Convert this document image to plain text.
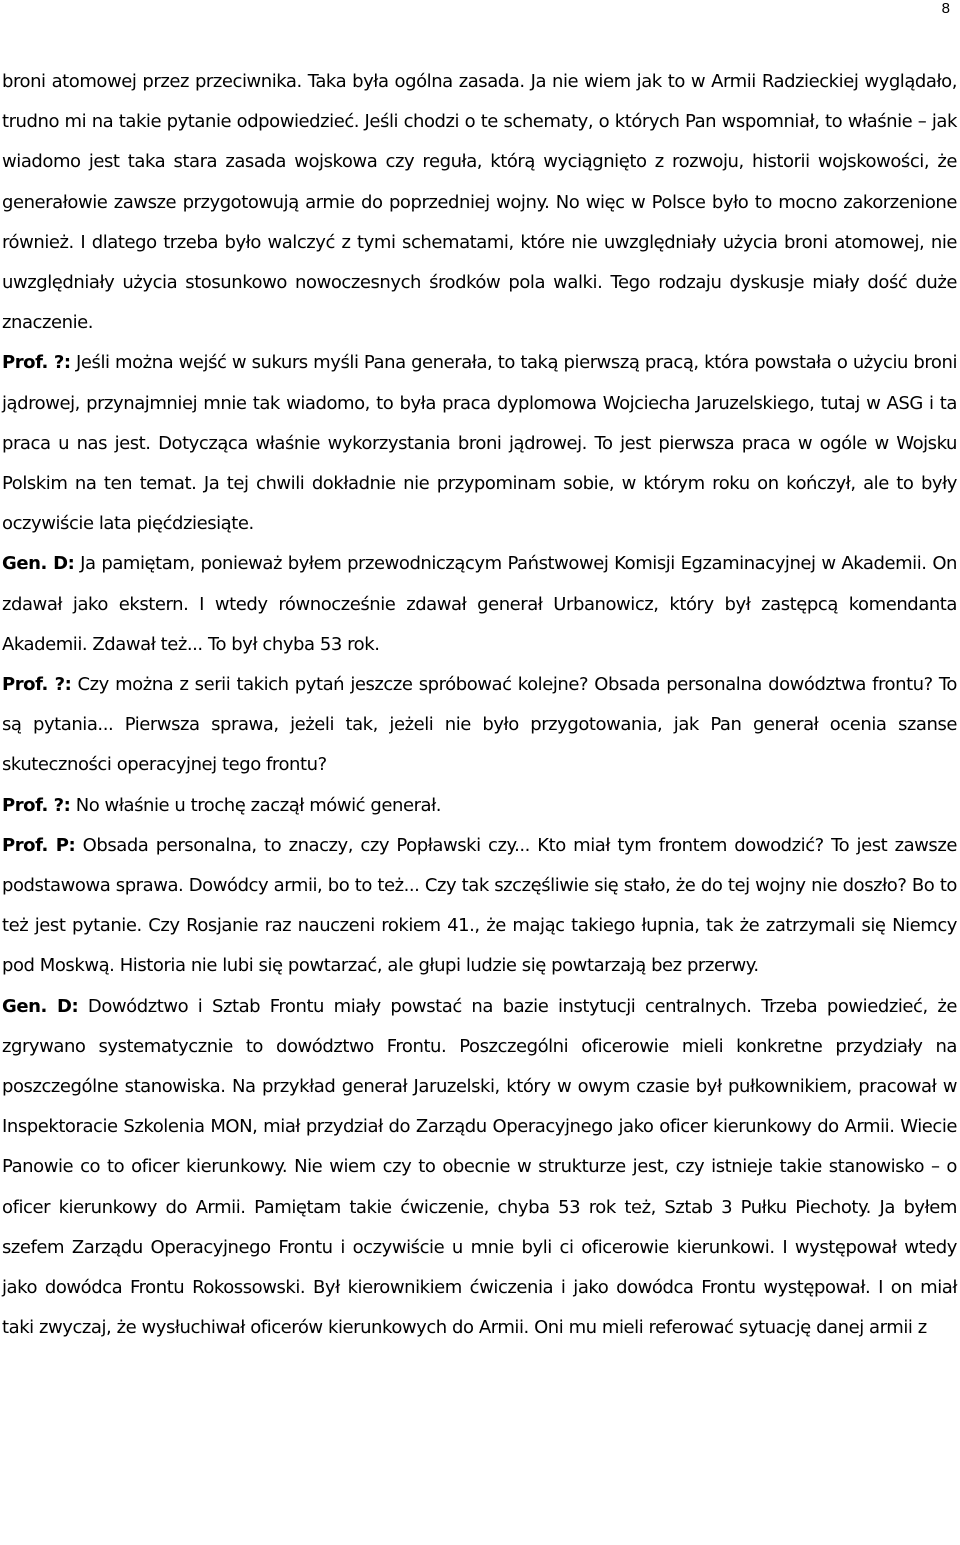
8

broni atomowej przez przeciwnika. Taka była ogólna zasada. Ja nie wiem jak to w Armii Radzieckiej wyglądało, trudno mi na takie pytanie odpowiedzieć. Jeśli chodzi o te schematy, o których Pan wspomniał, to właśnie – jak wiadomo jest taka stara zasada wojskowa czy reguła, którą wyciągnięto z rozwoju, historii wojskowości, że generałowie zawsze przygotowują armie do poprzedniej wojny. No więc w Polsce było to mocno zakorzenione również. I dlatego trzeba było walczyć z tymi schematami, które nie uwzględniały użycia broni atomowej, nie uwzględniały użycia stosunkowo nowoczesnych środków pola walki. Tego rodzaju dyskusje miały dość duże znaczenie.

Prof. ?: Jeśli można wejść w sukurs myśli Pana generała, to taką pierwszą pracą, która powstała o użyciu broni jądrowej, przynajmniej mnie tak wiadomo, to była praca dyplomowa Wojciecha Jaruzelskiego, tutaj w ASG i ta praca u nas jest. Dotycząca właśnie wykorzystania broni jądrowej. To jest pierwsza praca w ogóle w Wojsku Polskim na ten temat. Ja tej chwili dokładnie nie przypominam sobie, w którym roku on kończył, ale to były oczywiście lata pięćdziesiąte.

Gen. D: Ja pamiętam, ponieważ byłem przewodniczącym Państwowej Komisji Egzaminacyjnej w Akademii. On zdawał jako ekstern. I wtedy równocześnie zdawał generał Urbanowicz, który był zastępcą komendanta Akademii. Zdawał też... To był chyba 53 rok.

Prof. ?: Czy można z serii takich pytań jeszcze spróbować kolejne? Obsada personalna dowództwa frontu? To są pytania... Pierwsza sprawa, jeżeli tak, jeżeli nie było przygotowania, jak Pan generał ocenia szanse skuteczności operacyjnej tego frontu?

Prof. ?: No właśnie u trochę zaczął mówić generał.

Prof. P: Obsada personalna, to znaczy, czy Popławski czy... Kto miał tym frontem dowodzić? To jest zawsze podstawowa sprawa. Dowódcy armii, bo to też... Czy tak szczęśliwie się stało, że do tej wojny nie doszło? Bo to też jest pytanie. Czy Rosjanie raz nauczeni rokiem 41., że mając takiego łupnia, tak że zatrzymali się Niemcy pod Moskwą. Historia nie lubi się powtarzać, ale głupi ludzie się powtarzają bez przerwy.

Gen. D: Dowództwo i Sztab Frontu miały powstać na bazie instytucji centralnych. Trzeba powiedzieć, że zgrywano systematycznie to dowództwo Frontu. Poszczególni oficerowie mieli konkretne przydziały na poszczególne stanowiska. Na przykład generał Jaruzelski, który w owym czasie był pułkownikiem, pracował w Inspektoracie Szkolenia MON, miał przydział do Zarządu Operacyjnego jako oficer kierunkowy do Armii. Wiecie Panowie co to oficer kierunkowy. Nie wiem czy to obecnie w strukturze jest, czy istnieje takie stanowisko – o oficer kierunkowy do Armii. Pamiętam takie ćwiczenie, chyba 53 rok też, Sztab 3 Pułku Piechoty. Ja byłem szefem Zarządu Operacyjnego Frontu i oczywiście u mnie byli ci oficerowie kierunkowi. I występował wtedy jako dowódca Frontu Rokossowski. Był kierownikiem ćwiczenia i jako dowódca Frontu występował. I on miał taki zwyczaj, że wysłuchiwał oficerów kierunkowych do Armii. Oni mu mieli referować sytuację danej armii z
